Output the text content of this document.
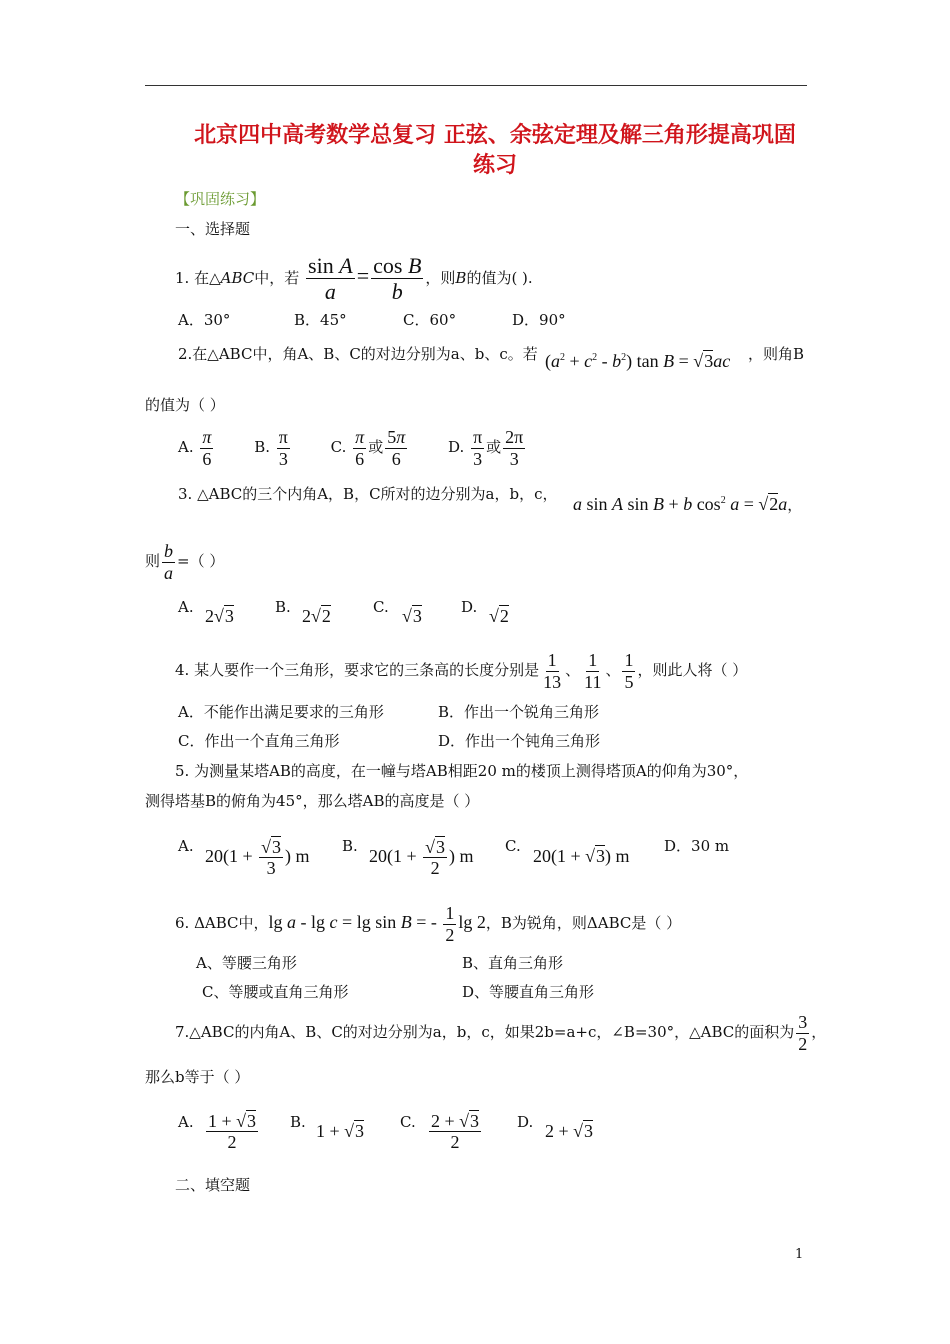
北京四中高考数学总复习 正弦、余弦定理及解三角形提高巩固
练习
【巩固练习】
一、选择题
1. 在△ABC中，若 $\frac{\text{sin A}}{a} = \frac{\text{cos B}}{b}$ ，则B的值为( ).
A．30°	B．45°	C．60°	D．90°
2.在△ABC中，角A、B、C的对边分别为a、b、c。若 $(a^2 + c^2 - b^2)$ tan B = √3ac ，则角B
的值为（ ）
A. $\frac{\pi}{6}$	B. $\frac{\pi}{3}$	C. $\frac{\pi}{6}$ 或 $\frac{5\pi}{6}$	D. $\frac{\pi}{3}$ 或 $\frac{2\pi}{3}$
3. △ABC的三个内角A，B，C所对的边分别为a，b，c， a sin A sin B + b $\cos^2 a = √2a$，
则 $\frac{b}{a}$ =（ ）
A. 2√3	B. 2√2	C. √3	D. √2
4. 某人要作一个三角形，要求它的三条高的长度分别是 $\frac{1}{13}$ 、 $\frac{1}{11}$ 、 $\frac{1}{5}$ ，则此人将（ ）
A．不能作出满足要求的三角形	B．作出一个锐角三角形
C．作出一个直角三角形	D．作出一个钝角三角形
5. 为测量某塔AB的高度，在一幢与塔AB相距20 m的楼顶上测得塔顶A的仰角为30°，
测得塔基B的俯角为45°，那么塔AB的高度是（ ）
A. $20(1 + \frac{√3}{3}$ ) m B. $20(1 + \frac{√3}{2}$ ) m C. 20(1 + √3) m D．30 m
6. ΔABC中，lg a - lg c = lg sin B = - $\frac{1}{2}$ lg 2，B为锐角，则ΔABC是（ ）
A、等腰三角形	B、直角三角形
C、等腰或直角三角形	D、等腰直角三角形
7.△ABC的内角A、B、C的对边分别为a，b，c，如果2b=a+c，∠B=30°，△ABC的面积为 $\frac{3}{2}$ ，
那么b等于（ ）
A. $\frac{1 + √3}{2} B$. 1 + √3 C. $\frac{2 + √3}{2} D$. 2 + √3
二、填空题
1
